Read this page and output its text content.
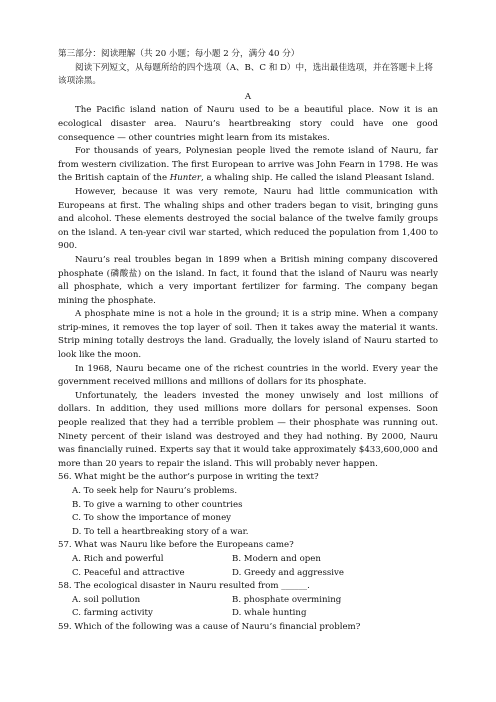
第三部分：阅读理解（共 20 小题；每小题 2 分，满分 40 分）

阅读下列短文，从每题所给的四个选项（A、B、C 和 D）中，选出最佳选项，并在答题卡上将该项涂黑。

A

The Pacific island nation of Nauru used to be a beautiful place. Now it is an ecological disaster area. Nauru’s heartbreaking story could have one good consequence — other countries might learn from its mistakes.

For thousands of years, Polynesian people lived the remote island of Nauru, far from western civilization. The first European to arrive was John Fearn in 1798. He was the British captain of the Hunter, a whaling ship. He called the island Pleasant Island.

However, because it was very remote, Nauru had little communication with Europeans at first. The whaling ships and other traders began to visit, bringing guns and alcohol. These elements destroyed the social balance of the twelve family groups on the island. A ten-year civil war started, which reduced the population from 1,400 to 900.

Nauru’s real troubles began in 1899 when a British mining company discovered phosphate (磷酸盐) on the island. In fact, it found that the island of Nauru was nearly all phosphate, which a very important fertilizer for farming. The company began mining the phosphate.

A phosphate mine is not a hole in the ground; it is a strip mine. When a company strip-mines, it removes the top layer of soil. Then it takes away the material it wants. Strip mining totally destroys the land. Gradually, the lovely island of Nauru started to look like the moon.

In 1968, Nauru became one of the richest countries in the world. Every year the government received millions and millions of dollars for its phosphate.

Unfortunately, the leaders invested the money unwisely and lost millions of dollars. In addition, they used millions more dollars for personal expenses. Soon people realized that they had a terrible problem — their phosphate was running out. Ninety percent of their island was destroyed and they had nothing. By 2000, Nauru was financially ruined. Experts say that it would take approximately $433,600,000 and more than 20 years to repair the island. This will probably never happen.

56. What might be the author’s purpose in writing the text?

A. To seek help for Nauru’s problems.

B. To give a warning to other countries

C. To show the importance of money

D. To tell a heartbreaking story of a war.

57. What was Nauru like before the Europeans came?

A. Rich and powerful	B. Modern and open
C. Peaceful and attractive	D. Greedy and aggressive

58. The ecological disaster in Nauru resulted from ______.

A. soil pollution	B. phosphate overmining
C. farming activity	D. whale hunting

59. Which of the following was a cause of Nauru’s financial problem?
